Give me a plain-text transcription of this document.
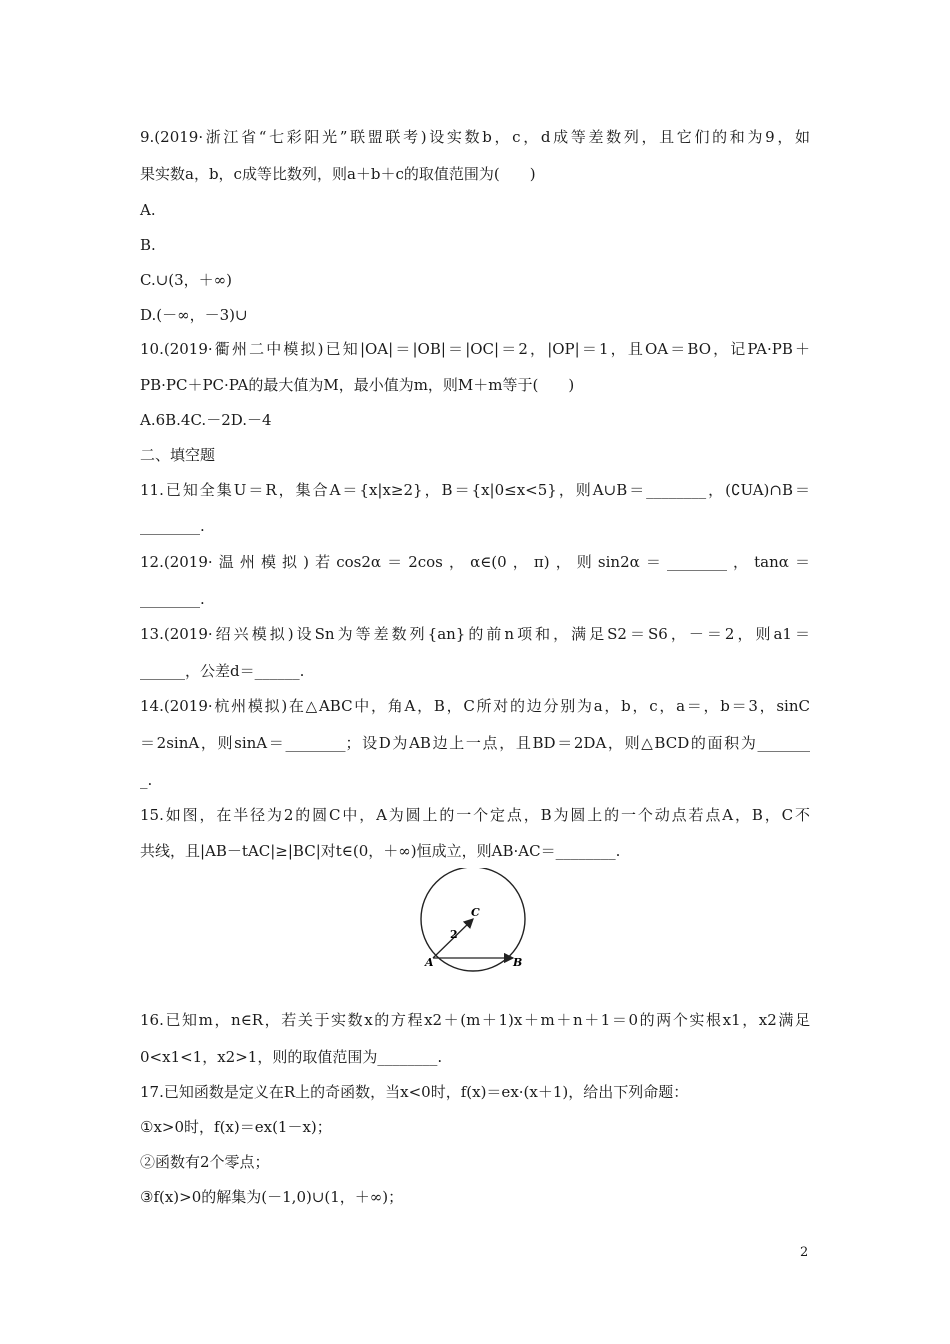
9.(2019·浙江省“七彩阳光”联盟联考)设实数b，c，d成等差数列，且它们的和为9，如
果实数a，b，c成等比数列，则a＋b＋c的取值范围为(　　)
A.
B.
C.∪(3，＋∞)
D.(－∞，－3)∪
10.(2019·衢州二中模拟)已知|OA|＝|OB|＝|OC|＝2，|OP|＝1，且OA＝BO，记PA·PB＋
PB·PC＋PC·PA的最大值为M，最小值为m，则M＋m等于(　　)
A.6B.4C.－2D.－4
二、填空题
11.已知全集U＝R，集合A＝{x|x≥2}，B＝{x|0≤x<5}，则A∪B＝________，(∁UA)∩B＝
________.
12.(2019·温州模拟)若cos2α＝2cos，α∈(0，π)，则sin2α＝________，tanα＝
________.
13.(2019·绍兴模拟)设Sn为等差数列{an}的前n项和，满足S2＝S6，－＝2，则a1＝
______，公差d＝______.
14.(2019·杭州模拟)在△ABC中，角A，B，C所对的边分别为a，b，c，a＝，b＝3，sinC
＝2sinA，则sinA＝________；设D为AB边上一点，且BD＝2DA，则△BCD的面积为_______
_.
15.如图，在半径为2的圆C中，A为圆上的一个定点，B为圆上的一个动点若点A，B，C不
共线，且|AB－tAC|≥|BC|对t∈(0，＋∞)恒成立，则AB·AC＝________.
C
2
A	B
16.已知m，n∈R，若关于实数x的方程x2＋(m＋1)x＋m＋n＋1＝0的两个实根x1，x2满足
0<x1<1，x2>1，则的取值范围为________.
17.已知函数是定义在R上的奇函数，当x<0时，f(x)＝ex·(x＋1)，给出下列命题：
①x>0时，f(x)＝ex(1－x)；
②函数有2个零点；
③f(x)>0的解集为(－1,0)∪(1，＋∞)；
2
